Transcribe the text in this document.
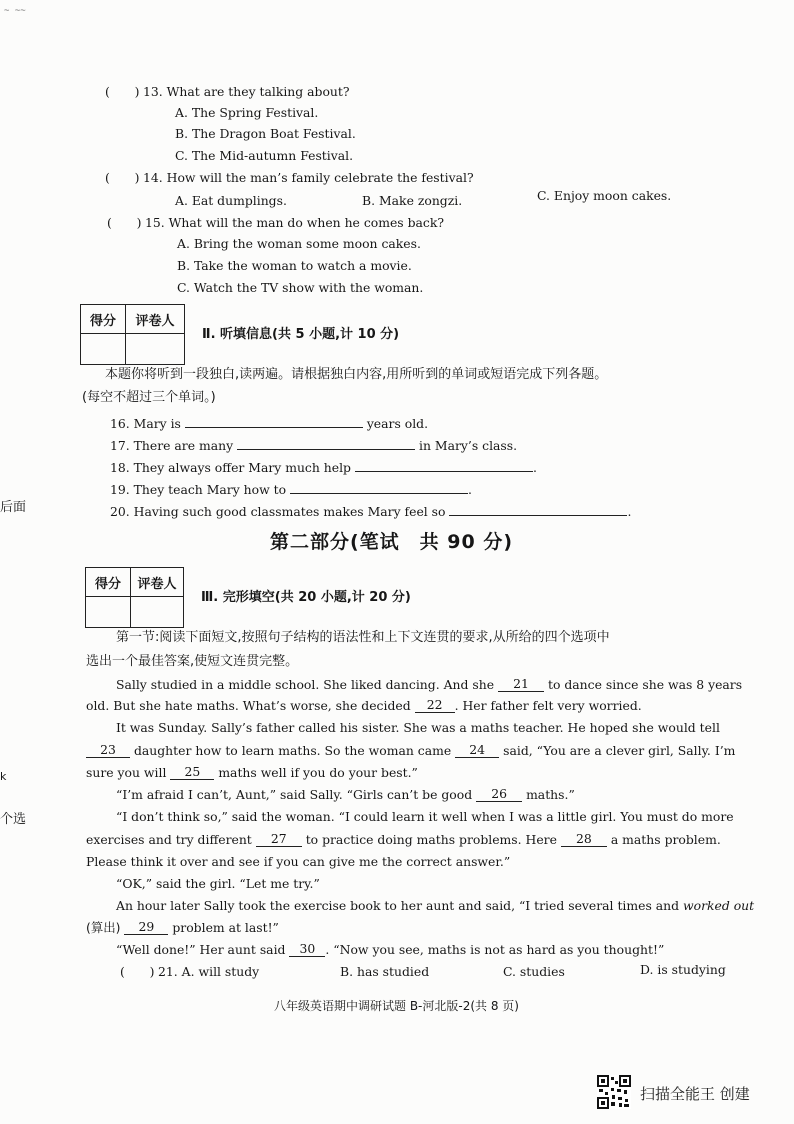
~ ~~
后面
k
个选
(　　) 13. What are they talking about?
A. The Spring Festival.
B. The Dragon Boat Festival.
C. The Mid-autumn Festival.
(　　) 14. How will the man’s family celebrate the festival?
A. Eat dumplings.	B. Make zongzi.	C. Enjoy moon cakes.
(　　) 15. What will the man do when he comes back?
A. Bring the woman some moon cakes.
B. Take the woman to watch a movie.
C. Watch the TV show with the woman.
得分	评卷人

Ⅱ. 听填信息(共 5 小题,计 10 分)
本题你将听到一段独白,读两遍。请根据独白内容,用所听到的单词或短语完成下列各题。
(每空不超过三个单词。)
16. Mary is	years old.
17. There are many	in Mary’s class.
18. They always offer Mary much help	.
19. They teach Mary how to	.
20. Having such good classmates makes Mary feel so	.
第二部分(笔试　共 90 分)
得分	评卷人

Ⅲ. 完形填空(共 20 小题,计 20 分)
第一节:阅读下面短文,按照句子结构的语法性和上下文连贯的要求,从所给的四个选项中
选出一个最佳答案,使短文连贯完整。
Sally studied in a middle school. She liked dancing. And she 21 to dance since she was 8 years
old. But she hate maths. What’s worse, she decided 22 . Her father felt very worried.
It was Sunday. Sally’s father called his sister. She was a maths teacher. He hoped she would tell
23 daughter how to learn maths. So the woman came 24 said, “You are a clever girl, Sally. I’m
sure you will 25 maths well if you do your best.”
“I’m afraid I can’t, Aunt,” said Sally. “Girls can’t be good 26 maths.”
“I don’t think so,” said the woman. “I could learn it well when I was a little girl. You must do more
exercises and try different 27 to practice doing maths problems. Here 28 a maths problem.
Please think it over and see if you can give me the correct answer.”
“OK,” said the girl. “Let me try.”
An hour later Sally took the exercise book to her aunt and said, “I tried several times and worked out
(算出) 29 problem at last!”
“Well done!” Her aunt said 30 . “Now you see, maths is not as hard as you thought!”
(　　) 21. A. will study	B. has studied	C. studies	D. is studying
八年级英语期中调研试题 B-河北版-2(共 8 页)
扫描全能王 创建
